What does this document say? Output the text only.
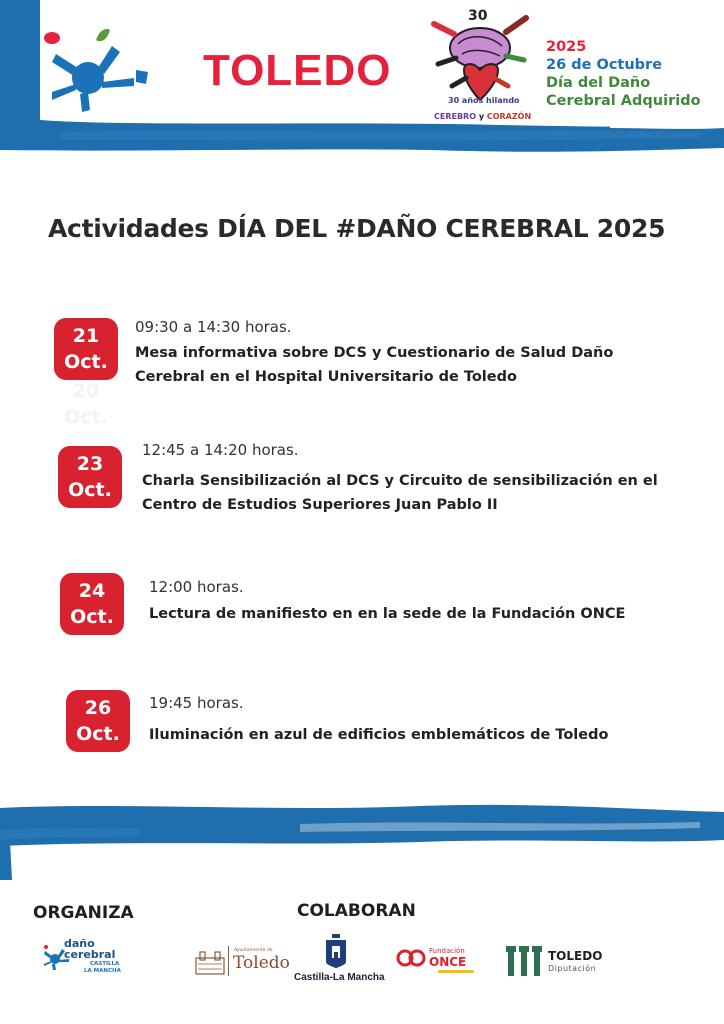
TOLEDO
30
30 años hilando
CEREBRO y CORAZÓN
2025
26 de Octubre
Día del Daño
Cerebral Adquirido
Actividades DÍA DEL #DAÑO CEREBRAL 2025
20
Oct.
21
Oct.
09:30 a 14:30 horas.
Mesa informativa sobre DCS y Cuestionario de Salud Daño
Cerebral en el Hospital Universitario de Toledo
23
Oct.
12:45 a 14:20 horas.
Charla Sensibilización al DCS y Circuito de sensibilización en el
Centro de Estudios Superiores Juan Pablo II
24
Oct.
12:00 horas.
Lectura de manifiesto en en la sede de la Fundación ONCE
26
Oct.
19:45 horas.
Iluminación en azul de edificios emblemáticos de Toledo
ORGANIZA	COLABORAN
daño
cerebral
CASTILLA
LA MANCHA
Ayuntamiento de
Toledo
Castilla-La Mancha
Fundación
ONCE	TOLEDO
Diputación
